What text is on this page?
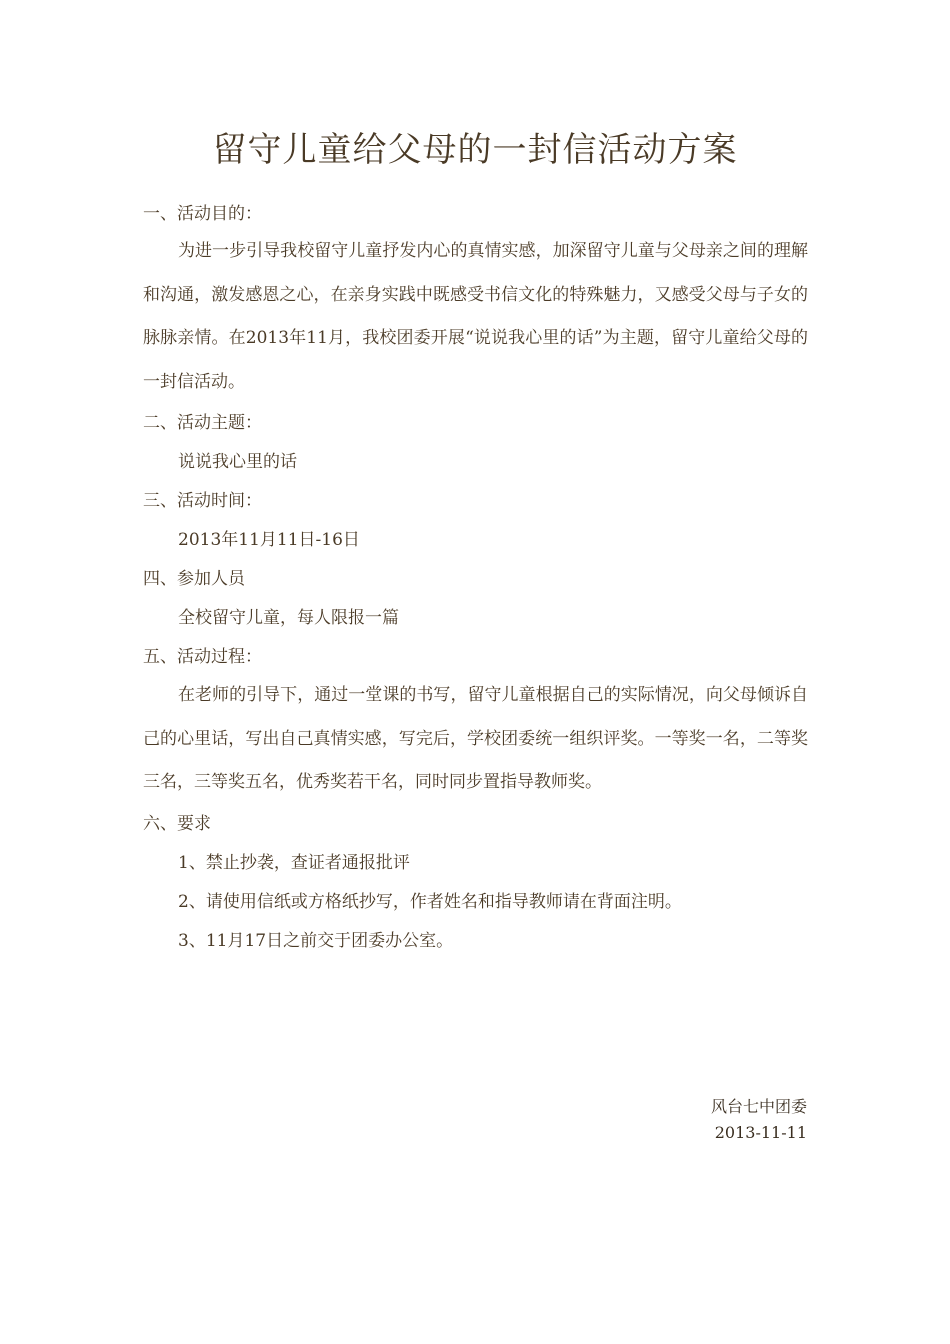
留守儿童给父母的一封信活动方案
一、活动目的：
为进一步引导我校留守儿童抒发内心的真情实感，加深留守儿童与父母亲之间的理解和沟通，激发感恩之心，在亲身实践中既感受书信文化的特殊魅力，又感受父母与子女的脉脉亲情。在2013年11月，我校团委开展“说说我心里的话”为主题，留守儿童给父母的一封信活动。
二、活动主题：
说说我心里的话
三、活动时间：
2013年11月11日-16日
四、参加人员
全校留守儿童，每人限报一篇
五、活动过程：
在老师的引导下，通过一堂课的书写，留守儿童根据自己的实际情况，向父母倾诉自己的心里话，写出自己真情实感，写完后，学校团委统一组织评奖。一等奖一名，二等奖三名，三等奖五名，优秀奖若干名，同时同步置指导教师奖。
六、要求
1、禁止抄袭，查证者通报批评
2、请使用信纸或方格纸抄写，作者姓名和指导教师请在背面注明。
3、11月17日之前交于团委办公室。
风台七中团委
2013-11-11
